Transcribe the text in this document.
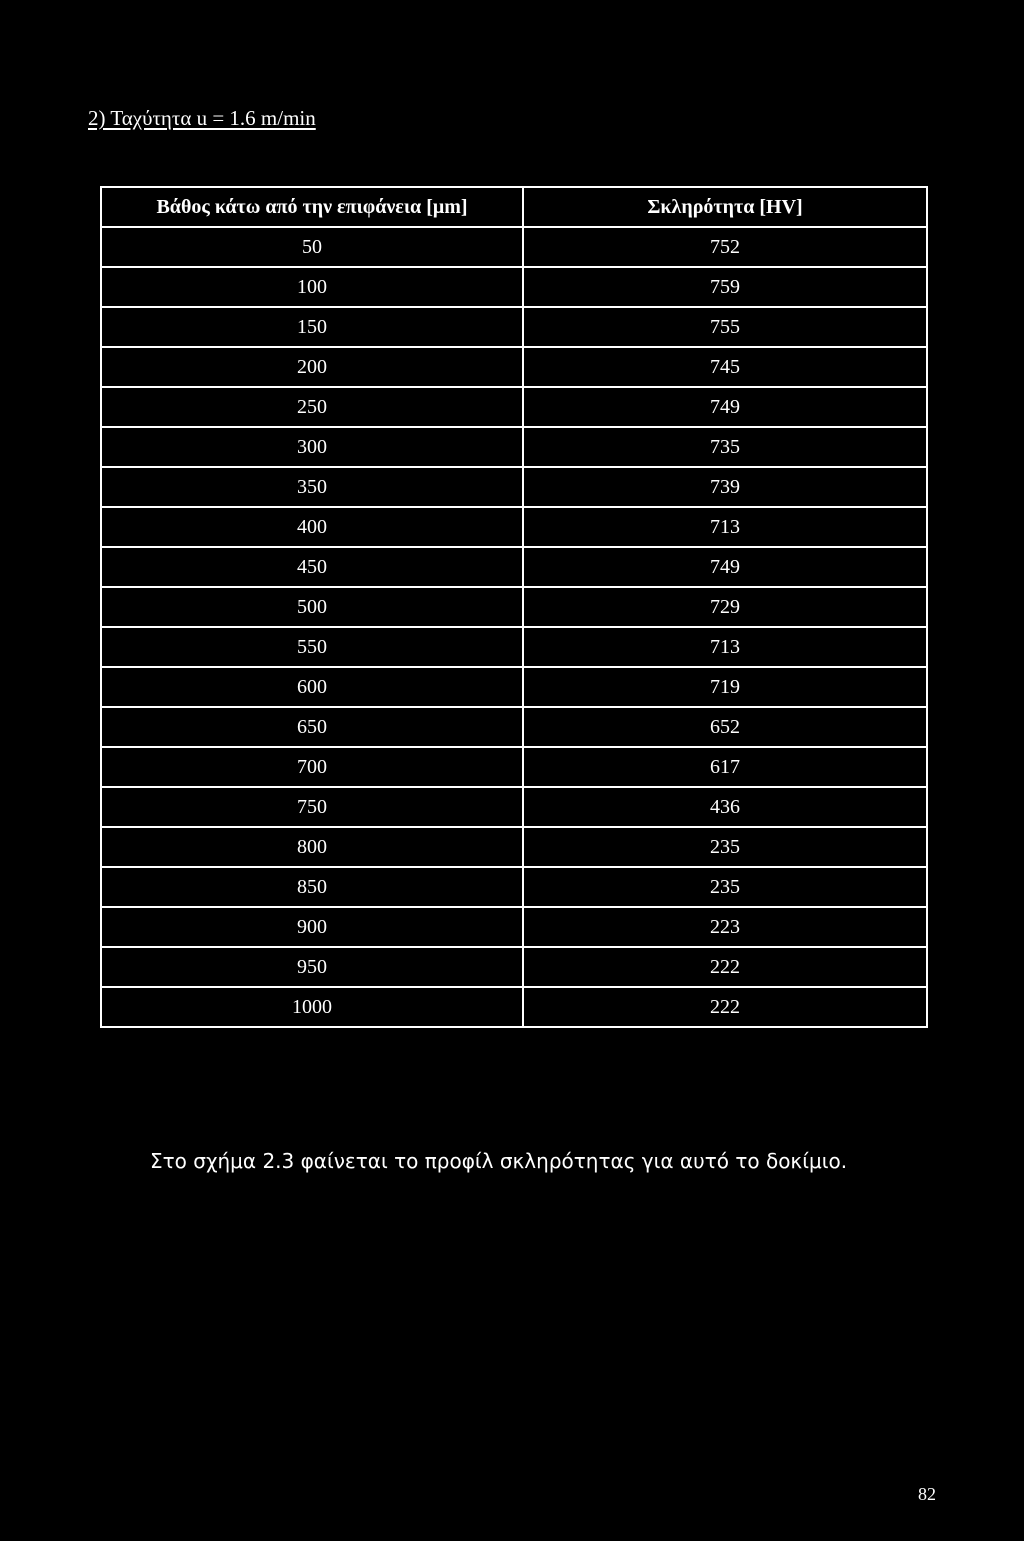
2) Ταχύτητα u = 1.6 m/min
Βάθος κάτω από την επιφάνεια [μm]	Σκληρότητα [HV]
50	752
100	759
150	755
200	745
250	749
300	735
350	739
400	713
450	749
500	729
550	713
600	719
650	652
700	617
750	436
800	235
850	235
900	223
950	222
1000	222
Στο σχήμα 2.3 φαίνεται το προφίλ σκληρότητας για αυτό το δοκίμιο.
82
